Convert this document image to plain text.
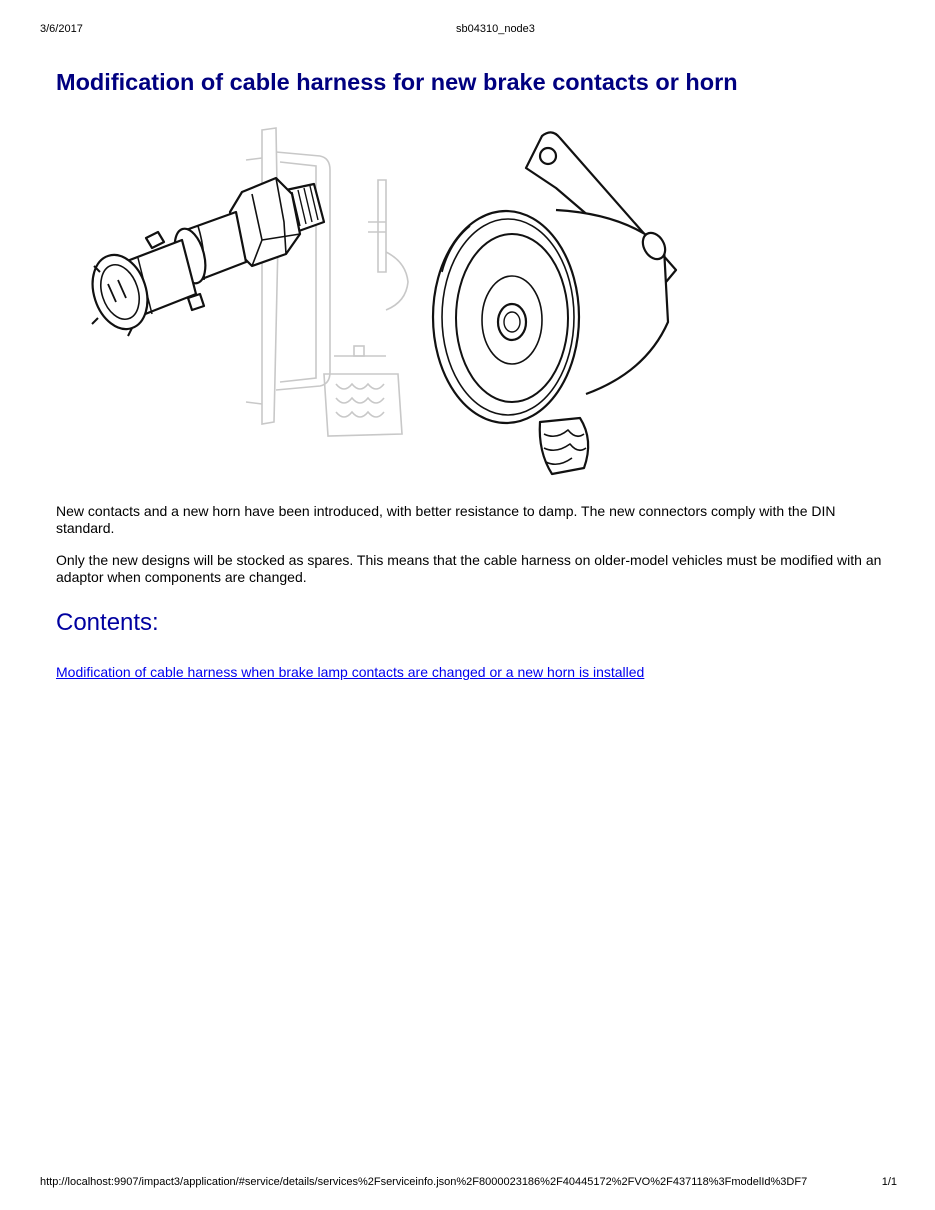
3/6/2017	sb04310_node3
Modification of cable harness for new brake contacts or horn

New contacts and a new horn have been introduced, with better resistance to damp. The new connectors comply with the DIN standard.

Only the new designs will be stocked as spares. This means that the cable harness on older-model vehicles must be modified with an adaptor when components are changed.

Contents:
Modification of cable harness when brake lamp contacts are changed or a new horn is installed
http://localhost:9907/impact3/application/#service/details/services%2Fserviceinfo.json%2F8000023186%2F40445172%2FVO%2F437118%3FmodelId%3DF7	1/1
